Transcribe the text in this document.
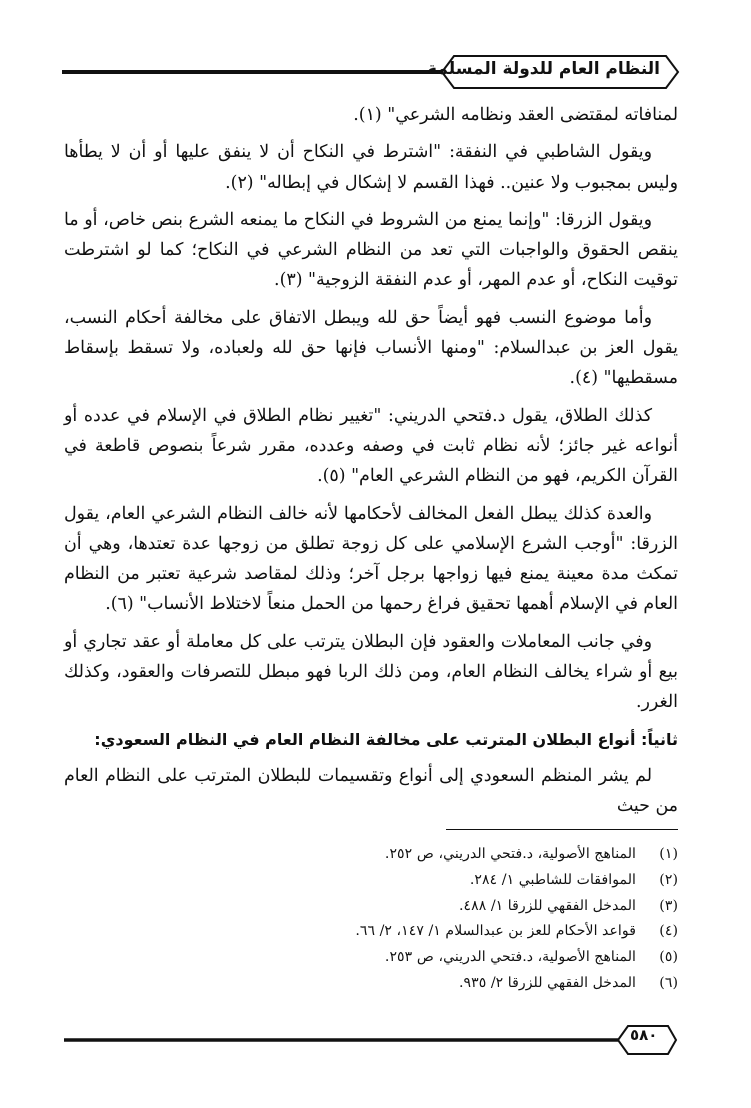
النظام العام للدولة المسلمة

لمنافاته لمقتضى العقد ونظامه الشرعي" (١).

ويقول الشاطبي في النفقة: "اشترط في النكاح أن لا ينفق عليها أو أن لا يطأها وليس بمجبوب ولا عنين.. فهذا القسم لا إشكال في إبطاله" (٢).

ويقول الزرقا: "وإنما يمنع من الشروط في النكاح ما يمنعه الشرع بنص خاص، أو ما ينقص الحقوق والواجبات التي تعد من النظام الشرعي في النكاح؛ كما لو اشترطت توقيت النكاح، أو عدم المهر، أو عدم النفقة الزوجية" (٣).

وأما موضوع النسب فهو أيضاً حق لله ويبطل الاتفاق على مخالفة أحكام النسب، يقول العز بن عبدالسلام: "ومنها الأنساب فإنها حق لله ولعباده، ولا تسقط بإسقاط مسقطيها" (٤).

كذلك الطلاق، يقول د.فتحي الدريني: "تغيير نظام الطلاق في الإسلام في عدده أو أنواعه غير جائز؛ لأنه نظام ثابت في وصفه وعدده، مقرر شرعاً بنصوص قاطعة في القرآن الكريم، فهو من النظام الشرعي العام" (٥).

والعدة كذلك يبطل الفعل المخالف لأحكامها لأنه خالف النظام الشرعي العام، يقول الزرقا: "أوجب الشرع الإسلامي على كل زوجة تطلق من زوجها عدة تعتدها، وهي أن تمكث مدة معينة يمنع فيها زواجها برجل آخر؛ وذلك لمقاصد شرعية تعتبر من النظام العام في الإسلام أهمها تحقيق فراغ رحمها من الحمل منعاً لاختلاط الأنساب" (٦).

وفي جانب المعاملات والعقود فإن البطلان يترتب على كل معاملة أو عقد تجاري أو بيع أو شراء يخالف النظام العام، ومن ذلك الربا فهو مبطل للتصرفات والعقود، وكذلك الغرر.

ثانياً: أنواع البطلان المترتب على مخالفة النظام العام في النظام السعودي:

لم يشر المنظم السعودي إلى أنواع وتقسيمات للبطلان المترتب على النظام العام من حيث

(١)
المناهج الأصولية، د.فتحي الدريني، ص ٢٥٢.
(٢)
الموافقات للشاطبي ١/ ٢٨٤.
(٣)
المدخل الفقهي للزرقا ١/ ٤٨٨.
(٤)
قواعد الأحكام للعز بن عبدالسلام ١/ ١٤٧، ٢/ ٦٦.
(٥)
المناهج الأصولية، د.فتحي الدريني، ص ٢٥٣.
(٦)
المدخل الفقهي للزرقا ٢/ ٩٣٥.
٥٨٠
